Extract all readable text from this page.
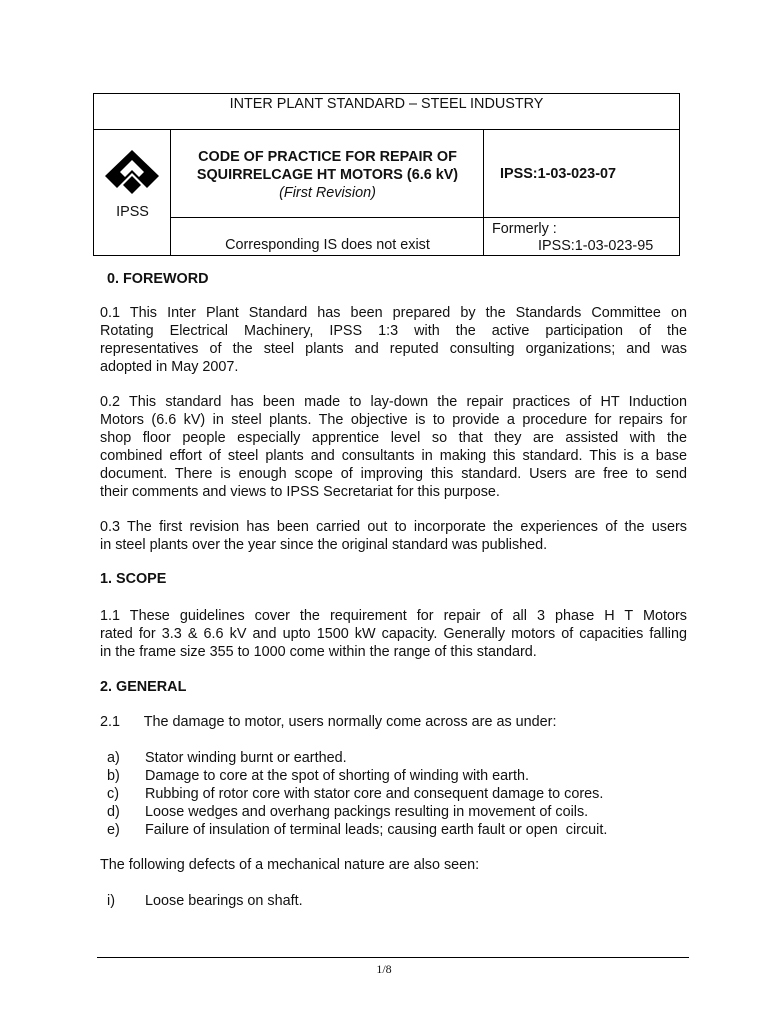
INTER PLANT STANDARD – STEEL INDUSTRY
IPSS
CODE OF PRACTICE FOR REPAIR OF
SQUIRRELCAGE HT MOTORS (6.6 kV)
(First Revision)
IPSS:1-03-023-07
Corresponding IS does not exist
Formerly :
IPSS:1-03-023-95
0. FOREWORD
0.1 This Inter Plant Standard has been prepared by the Standards Committee on
Rotating Electrical Machinery, IPSS 1:3 with the active participation of the
representatives of the steel plants and reputed consulting organizations; and was
adopted in May 2007.
0.2 This standard has been made to lay-down the repair practices of HT Induction
Motors (6.6 kV) in steel plants. The objective is to provide a procedure for repairs for
shop floor people especially apprentice level so that they are assisted with the
combined effort of steel plants and consultants in making this standard. This is a base
document. There is enough scope of improving this standard. Users are free to send
their comments and views to IPSS Secretariat for this purpose.
0.3 The first revision has been carried out to incorporate the experiences of the users
in steel plants over the year since the original standard was published.
1. SCOPE
1.1 These guidelines cover the requirement for repair of all 3 phase H T Motors
rated for 3.3 & 6.6 kV and upto 1500 kW capacity. Generally motors of capacities falling
in the frame size 355 to 1000 come within the range of this standard.
2. GENERAL
2.1      The damage to motor, users normally come across are as under:
a) Stator winding burnt or earthed.
b) Damage to core at the spot of shorting of winding with earth.
c) Rubbing of rotor core with stator core and consequent damage to cores.
d) Loose wedges and overhang packings resulting in movement of coils.
e) Failure of insulation of terminal leads; causing earth fault or open  circuit.
The following defects of a mechanical nature are also seen:
i) Loose bearings on shaft.
1/8
